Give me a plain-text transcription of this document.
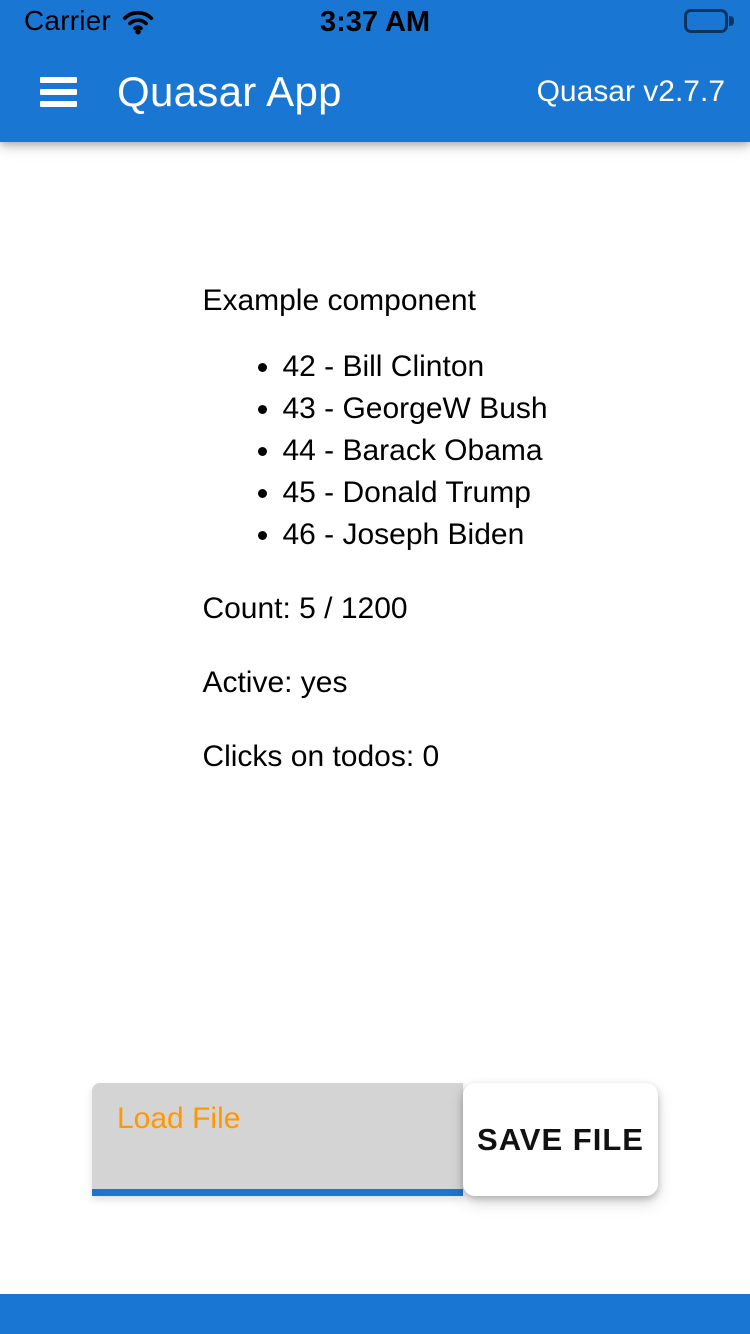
Carrier	3:37 AM
Quasar App	Quasar v2.7.7

Example component

• 42 - Bill Clinton
• 43 - GeorgeW Bush
• 44 - Barack Obama
• 45 - Donald Trump
• 46 - Joseph Biden

Count: 5 / 1200

Active: yes

Clicks on todos: 0

Load File
SAVE FILE
